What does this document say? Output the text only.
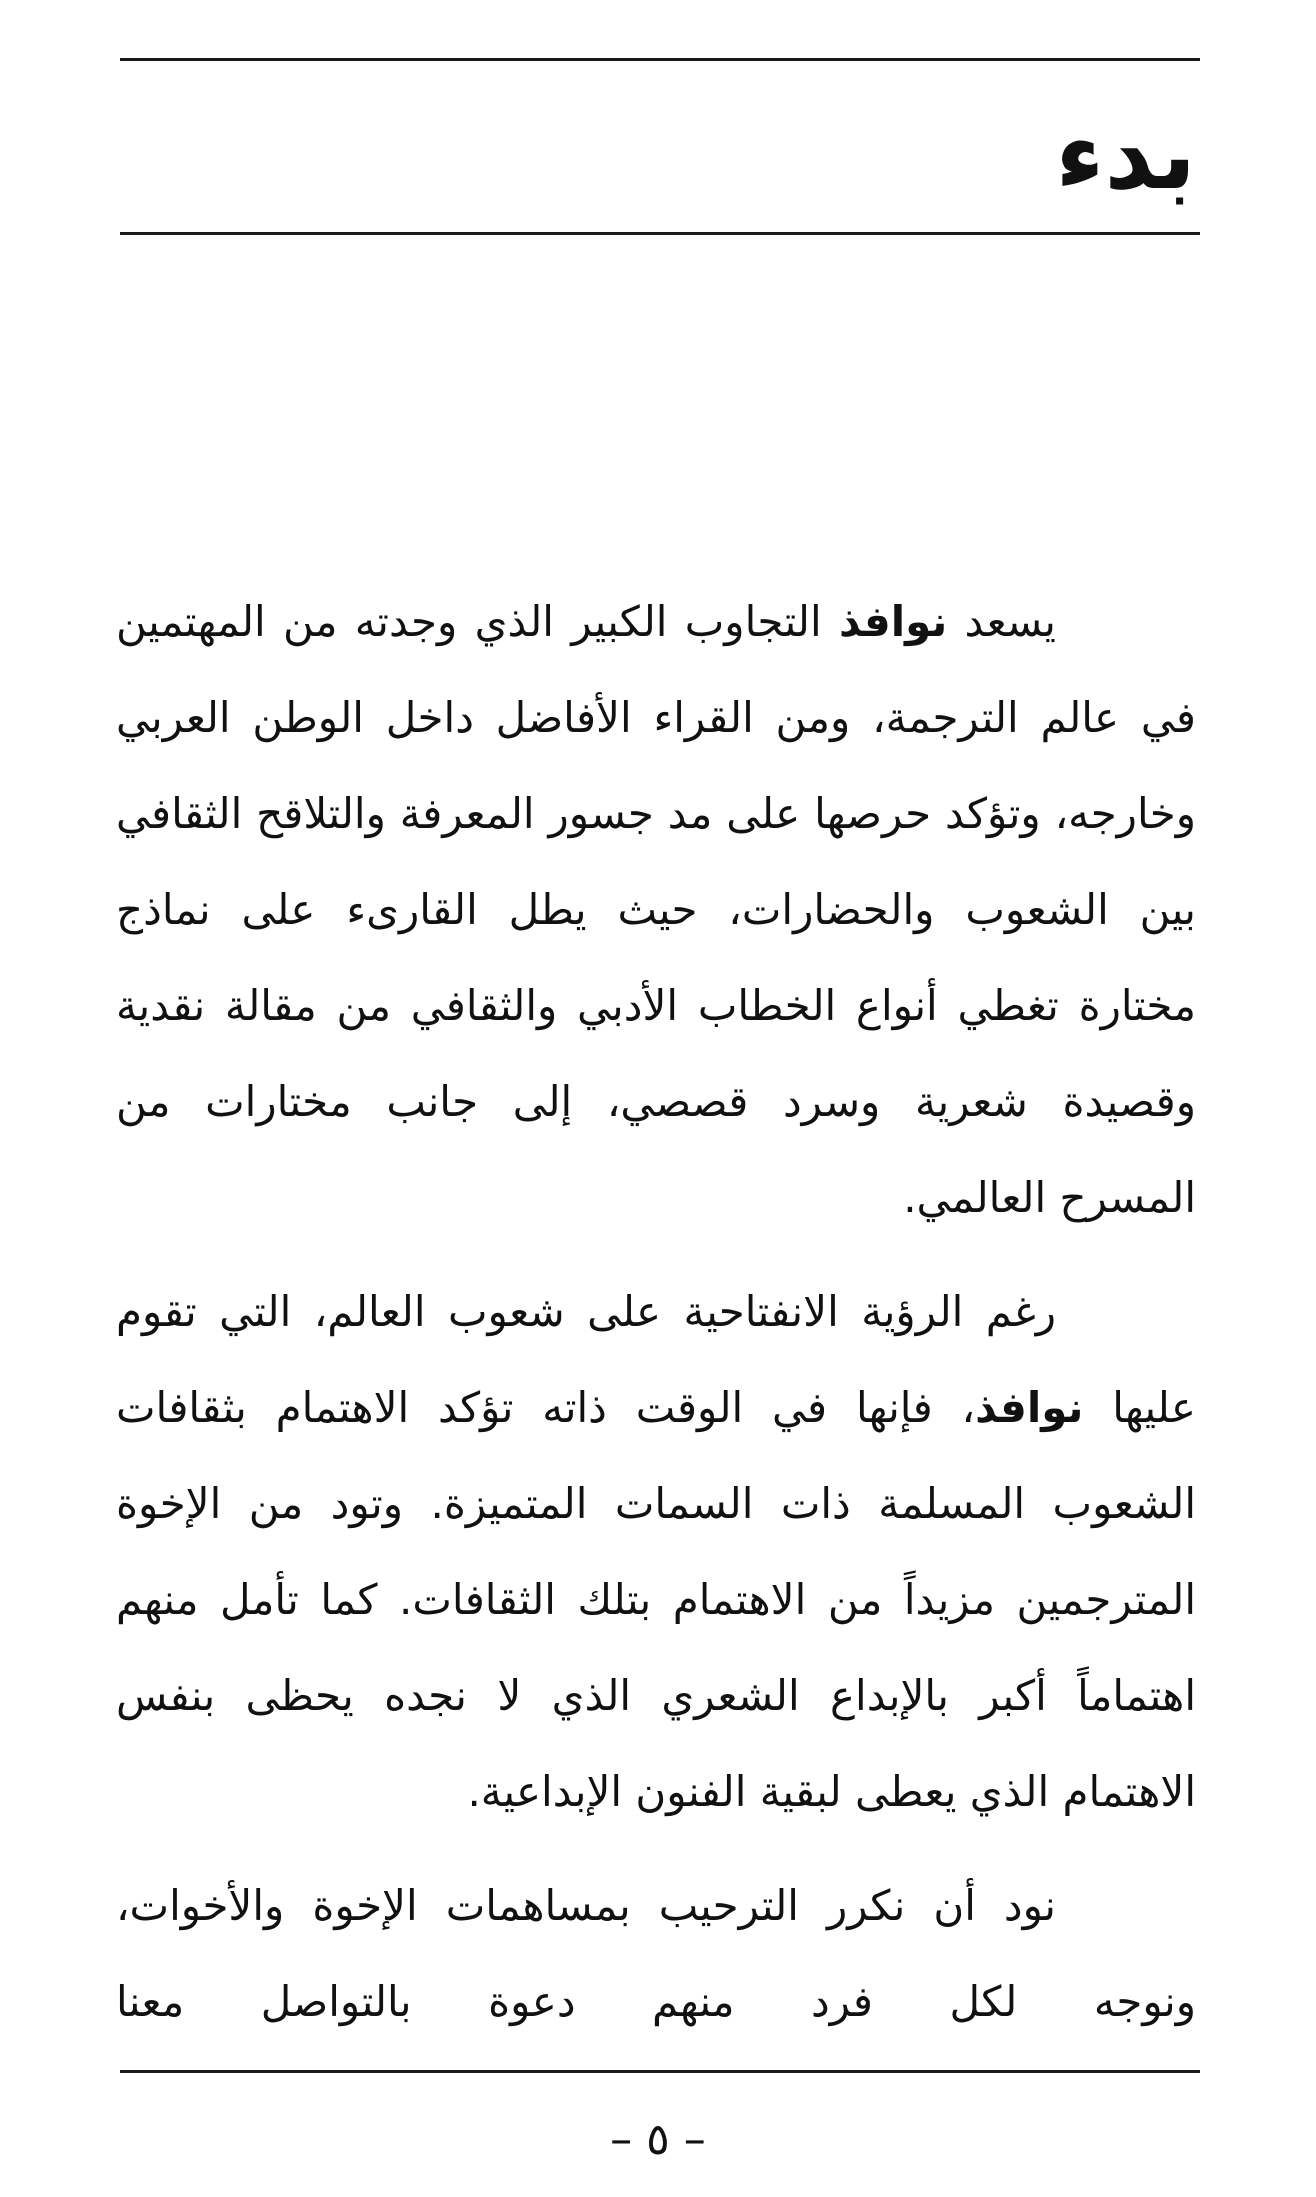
بدء

يسعد نوافذ التجاوب الكبير الذي وجدته من المهتمين في عالم الترجمة، ومن القراء الأفاضل داخل الوطن العربي وخارجه، وتؤكد حرصها على مد جسور المعرفة والتلاقح الثقافي بين الشعوب والحضارات، حيث يطل القارىء على نماذج مختارة تغطي أنواع الخطاب الأدبي والثقافي من مقالة نقدية وقصيدة شعرية وسرد قصصي، إلى جانب مختارات من المسرح العالمي.

رغم الرؤية الانفتاحية على شعوب العالم، التي تقوم عليها نوافذ، فإنها في الوقت ذاته تؤكد الاهتمام بثقافات الشعوب المسلمة ذات السمات المتميزة. وتود من الإخوة المترجمين مزيداً من الاهتمام بتلك الثقافات. كما تأمل منهم اهتماماً أكبر بالإبداع الشعري الذي لا نجده يحظى بنفس الاهتمام الذي يعطى لبقية الفنون الإبداعية.

نود أن نكرر الترحيب بمساهمات الإخوة والأخوات، ونوجه لكل فرد منهم دعوة بالتواصل معنا

– ٥ –
